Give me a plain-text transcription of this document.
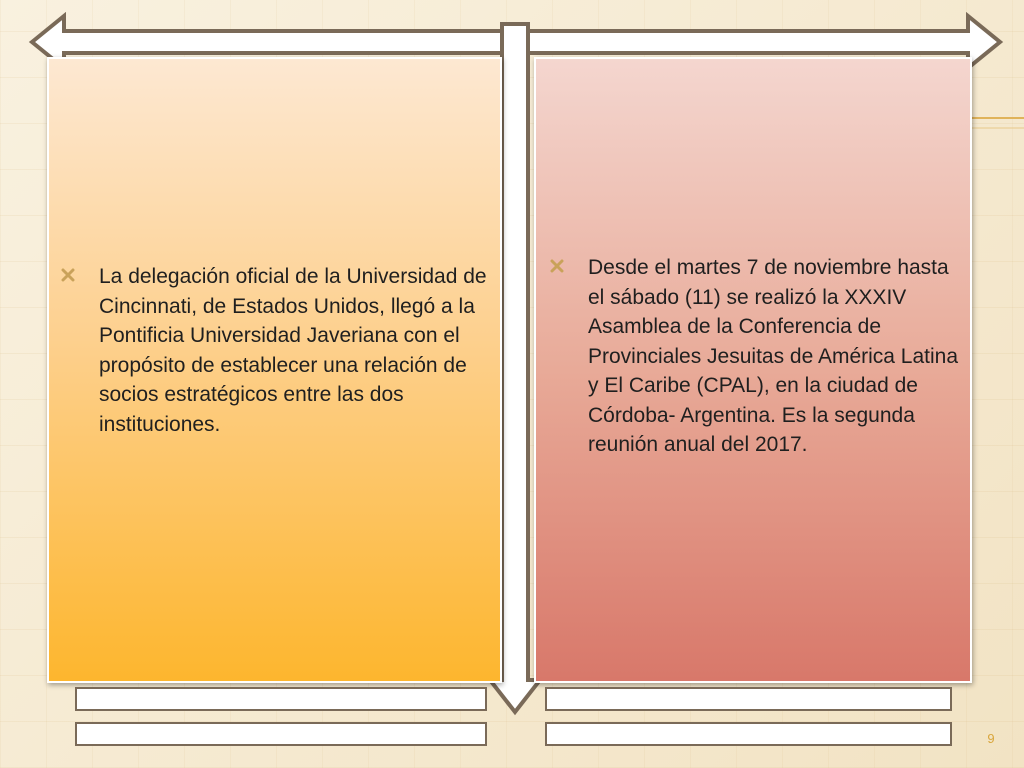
La delegación oficial de la Universidad de Cincinnati, de Estados Unidos, llegó a la Pontificia Universidad Javeriana con el propósito de establecer una relación de socios estratégicos entre las dos instituciones.
Desde el martes 7 de noviembre hasta el sábado (11) se realizó la XXXIV Asamblea de la Conferencia de Provinciales Jesuitas de América Latina y El Caribe (CPAL), en la ciudad de Córdoba- Argentina. Es la segunda reunión anual del 2017.
9
